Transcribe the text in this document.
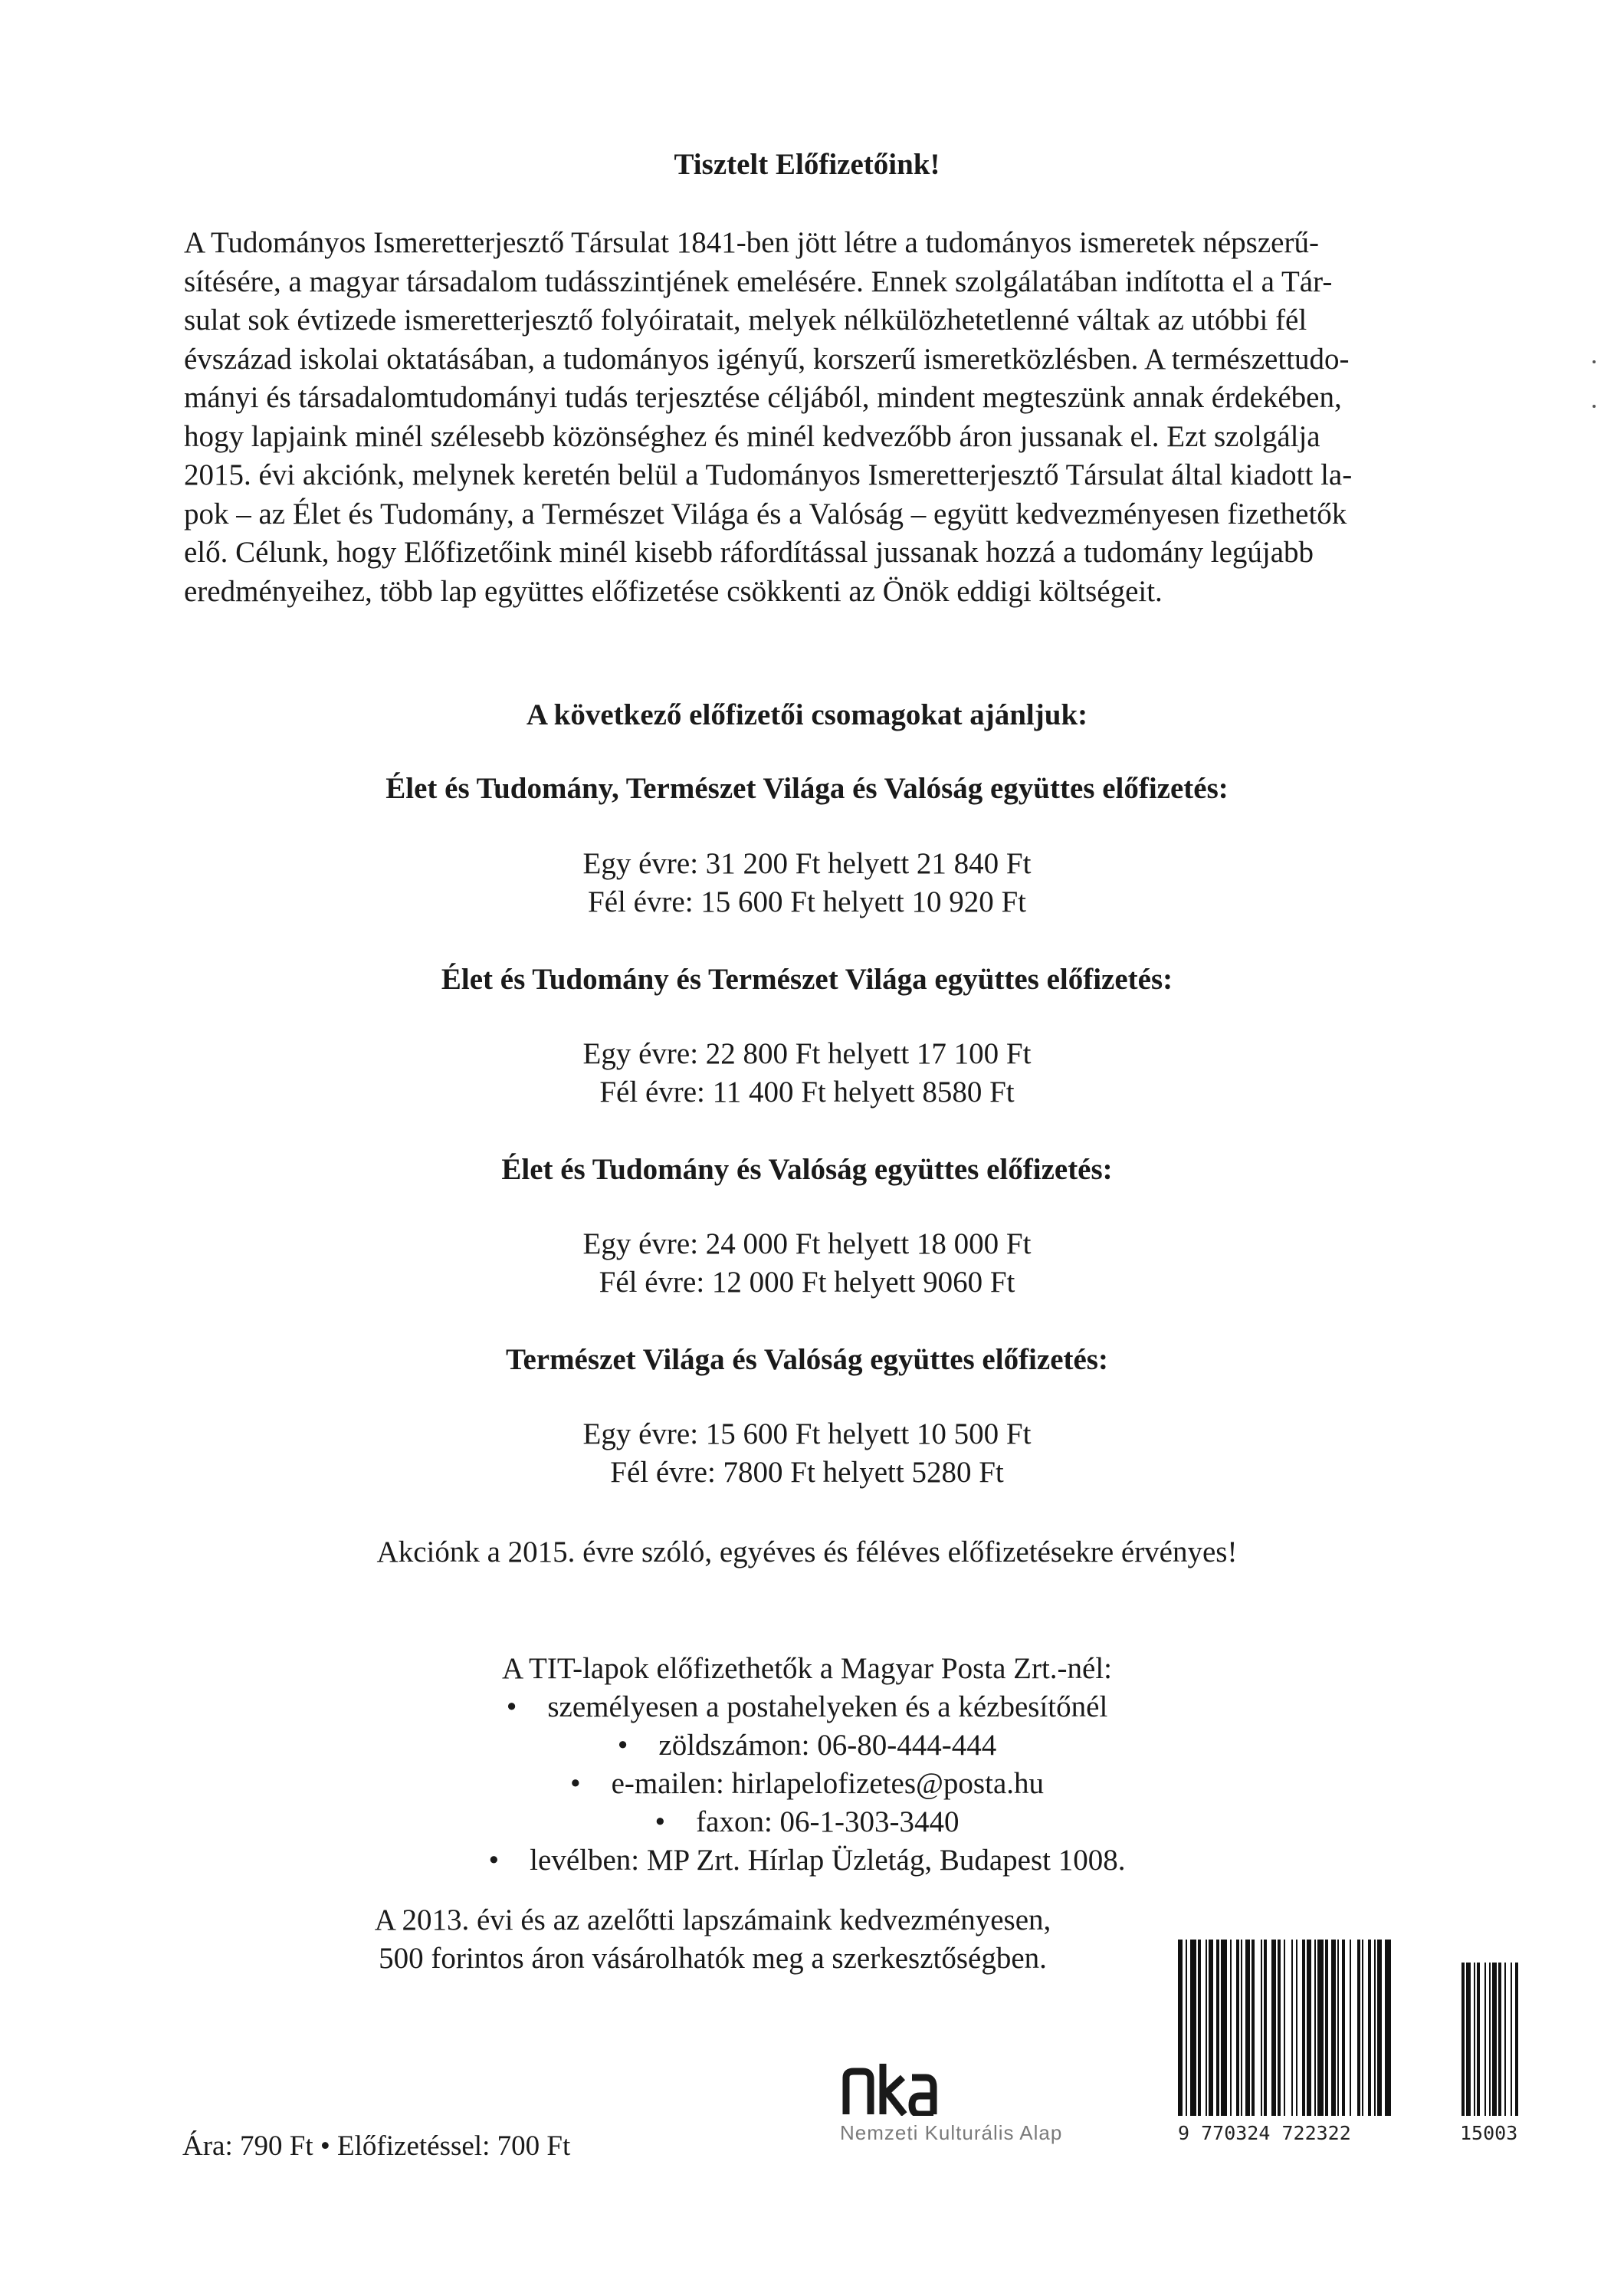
Tisztelt Előfizetőink!
A Tudományos Ismeretterjesztő Társulat 1841-ben jött létre a tudományos ismeretek népszerű-
sítésére, a magyar társadalom tudásszintjének emelésére. Ennek szolgálatában indította el a Tár-
sulat sok évtizede ismeretterjesztő folyóiratait, melyek nélkülözhetetlenné váltak az utóbbi fél
évszázad iskolai oktatásában, a tudományos igényű, korszerű ismeretközlésben. A természettudo-
mányi és társadalomtudományi tudás terjesztése céljából, mindent megteszünk annak érdekében,
hogy lapjaink minél szélesebb közönséghez és minél kedvezőbb áron jussanak el. Ezt szolgálja
2015. évi akciónk, melynek keretén belül a Tudományos Ismeretterjesztő Társulat által kiadott la-
pok – az Élet és Tudomány, a Természet Világa és a Valóság – együtt kedvezményesen fizethetők
elő. Célunk, hogy Előfizetőink minél kisebb ráfordítással jussanak hozzá a tudomány legújabb
eredményeihez, több lap együttes előfizetése csökkenti az Önök eddigi költségeit.
A következő előfizetői csomagokat ajánljuk:
Élet és Tudomány, Természet Világa és Valóság együttes előfizetés:
Egy évre: 31 200 Ft helyett 21 840 Ft
Fél évre: 15 600 Ft helyett 10 920 Ft
Élet és Tudomány és Természet Világa együttes előfizetés:
Egy évre: 22 800 Ft helyett 17 100 Ft
Fél évre: 11 400 Ft helyett 8580 Ft
Élet és Tudomány és Valóság együttes előfizetés:
Egy évre: 24 000 Ft helyett 18 000 Ft
Fél évre: 12 000 Ft helyett 9060 Ft
Természet Világa és Valóság együttes előfizetés:
Egy évre: 15 600 Ft helyett 10 500 Ft
Fél évre: 7800 Ft helyett 5280 Ft
Akciónk a 2015. évre szóló, egyéves és féléves előfizetésekre érvényes!
A TIT-lapok előfizethetők a Magyar Posta Zrt.-nél:
• személyesen a postahelyeken és a kézbesítőnél
• zöldszámon: 06-80-444-444
• e-mailen: hirlapelofizetes@posta.hu
• faxon: 06-1-303-3440
• levélben: MP Zrt. Hírlap Üzletág, Budapest 1008.
A 2013. évi és az azelőtti lapszámaink kedvezményesen,
500 forintos áron vásárolhatók meg a szerkesztőségben.
Ára: 790 Ft • Előfizetéssel: 700 Ft	Nemzeti Kulturális Alap	9 770324 722322	15003
